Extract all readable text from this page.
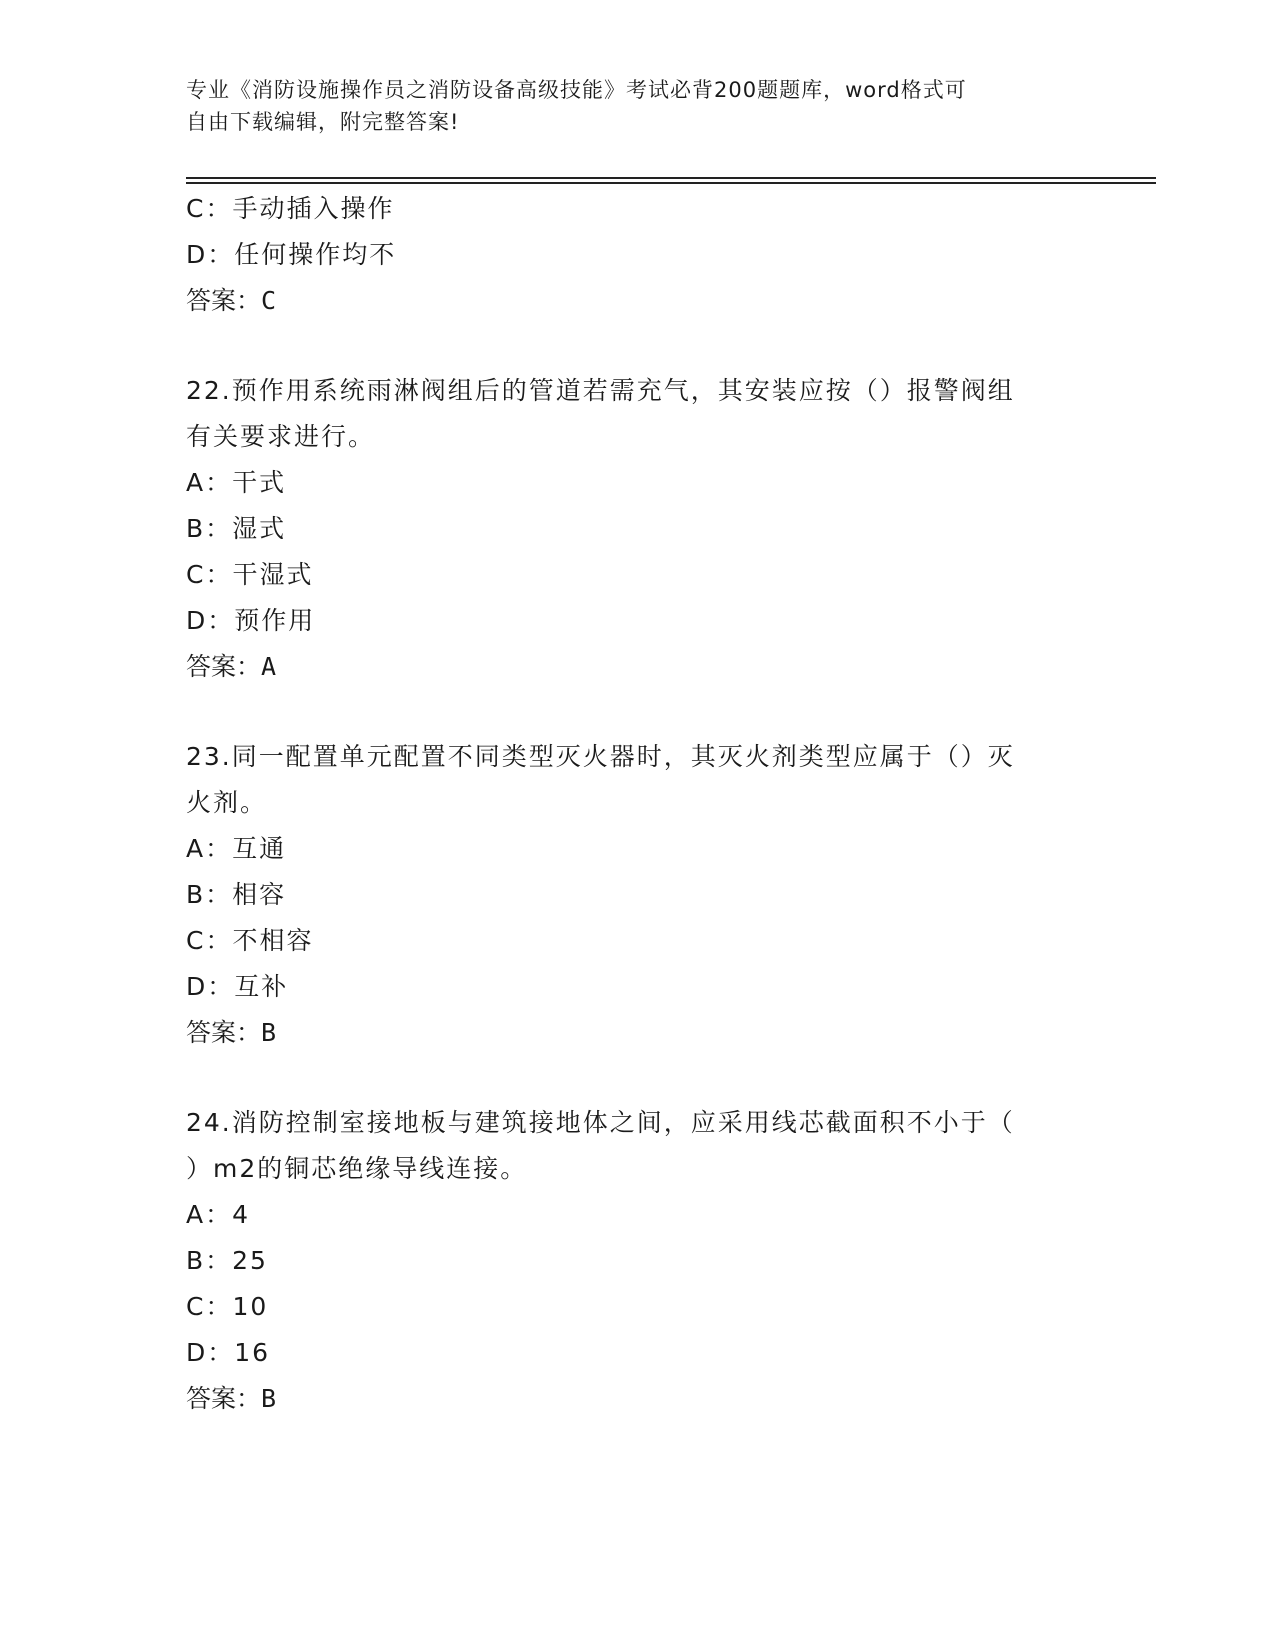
专业《消防设施操作员之消防设备高级技能》考试必背200题题库，word格式可
自由下载编辑，附完整答案!
C：手动插入操作
D：任何操作均不
答案：C
22.预作用系统雨淋阀组后的管道若需充气，其安装应按（）报警阀组
有关要求进行。
A：干式
B：湿式
C：干湿式
D：预作用
答案：A
23.同一配置单元配置不同类型灭火器时，其灭火剂类型应属于（）灭
火剂。
A：互通
B：相容
C：不相容
D：互补
答案：B
24.消防控制室接地板与建筑接地体之间，应采用线芯截面积不小于（
）m2的铜芯绝缘导线连接。
A：4
B：25
C：10
D：16
答案：B
